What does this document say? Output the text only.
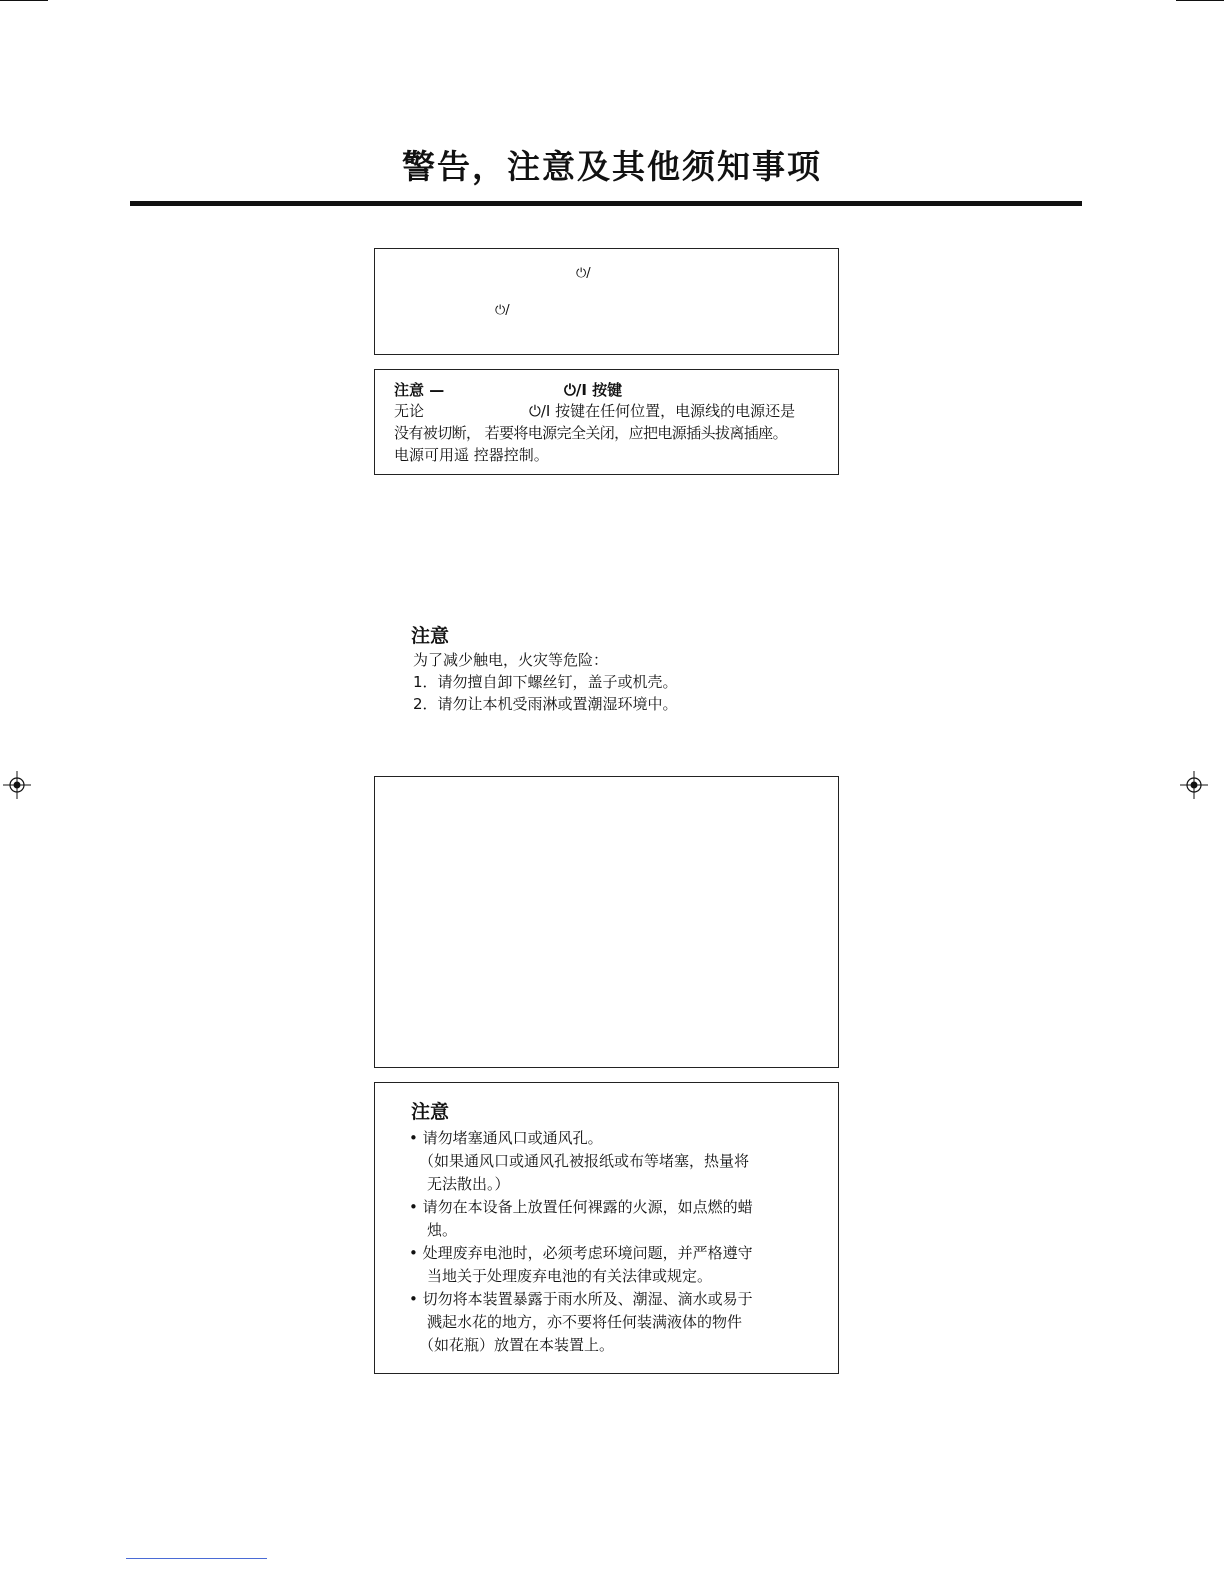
警告，注意及其他须知事项
⏻/
⏻/
注意 —	⏻/I 按键
无论	⏻/I 按键在任何位置，电源线的电源还是
没有被切断， 若要将电源完全关闭，应把电源插头拔离插座。
电源可用遥 控器控制。
注意
为了减少触电，火灾等危险：
1．请勿擅自卸下螺丝钉，盖子或机壳。
2．请勿让本机受雨淋或置潮湿环境中。
注意
• 请勿堵塞通风口或通风孔。
（如果通风口或通风孔被报纸或布等堵塞，热量将
无法散出。）
• 请勿在本设备上放置任何裸露的火源，如点燃的蜡
烛。
• 处理废弃电池时，必须考虑环境问题，并严格遵守
当地关于处理废弃电池的有关法律或规定。
• 切勿将本装置暴露于雨水所及、潮湿、滴水或易于
溅起水花的地方，亦不要将任何装满液体的物件
（如花瓶）放置在本装置上。
